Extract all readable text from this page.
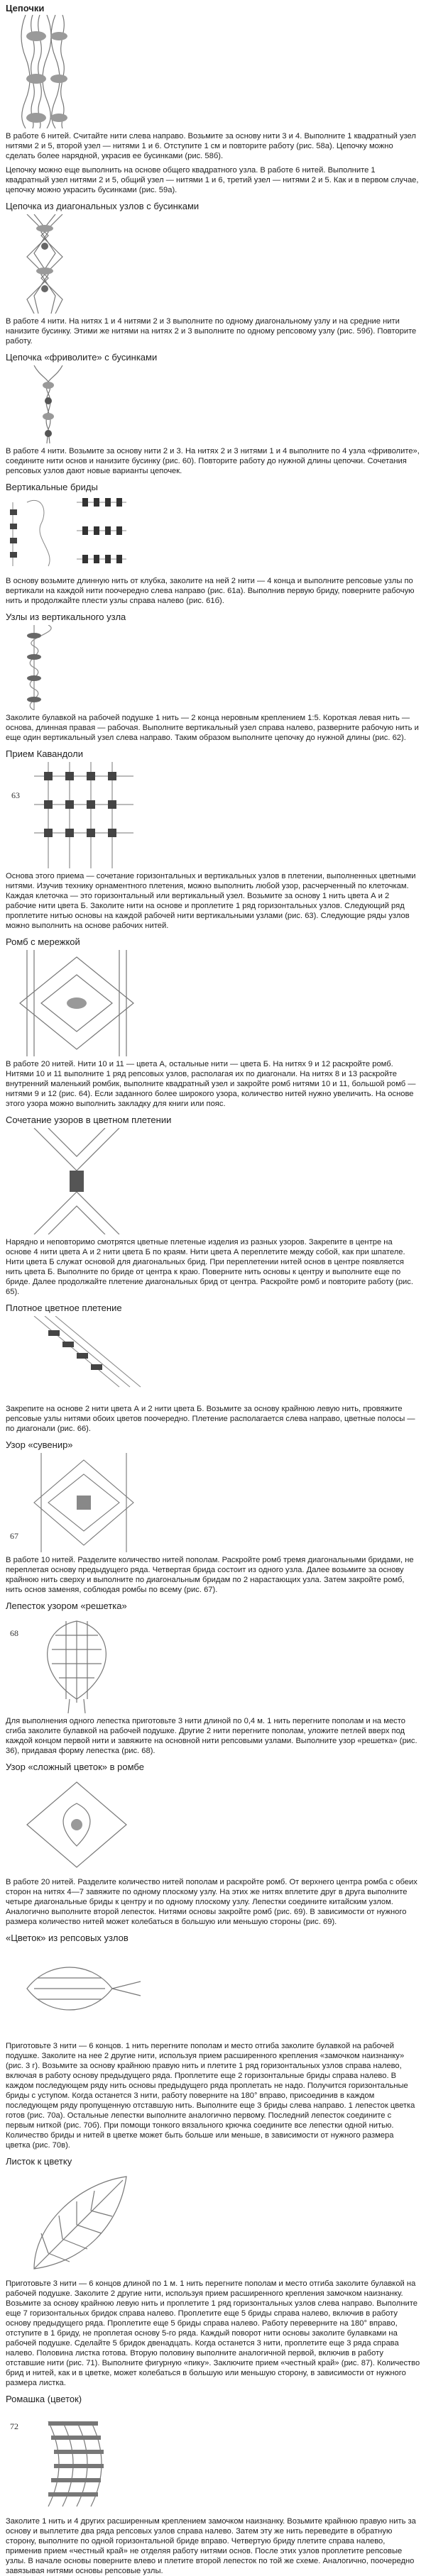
Цепочки

В работе 6 нитей. Считайте нити слева направо. Возьмите за основу нити 3 и 4. Выполните 1 квадратный узел нитями 2 и 5, второй узел — нитями 1 и 6. Отступите 1 см и повторите работу (рис. 58а). Цепочку можно сделать более нарядной, украсив ее бусинками (рис. 58б).

Цепочку можно еще выполнить на основе общего квадратного узла. В работе 6 нитей. Выполните 1 квадратный узел нитями 2 и 5, общий узел — нитями 1 и 6, третий узел — нитями 2 и 5. Как и в первом случае, цепочку можно украсить бусинками (рис. 59а).

Цепочка из диагональных узлов с бусинками

В работе 4 нити. На нитях 1 и 4 нитями 2 и 3 выполните по одному диагональному узлу и на средние нити нанизите бусинку. Этими же нитями на нитях 2 и 3 выполните по одному репсовому узлу (рис. 59б). Повторите работу.

Цепочка «фриволите» с бусинками

В работе 4 нити. Возьмите за основу нити 2 и 3. На нитях 2 и 3 нитями 1 и 4 выполните по 4 узла «фриволите», соедините нити основ и нанизите бусинку (рис. 60). Повторите работу до нужной длины цепочки. Сочетания репсовых узлов дают новые варианты цепочек.

Вертикальные бриды

В основу возьмите длинную нить от клубка, заколите на ней 2 нити — 4 конца и выполните репсовые узлы по вертикали на каждой нити поочередно слева направо (рис. 61а). Выполнив первую бриду, поверните рабочую нить и продолжайте плести узлы справа налево (рис. 61б).

Узлы из вертикального узла

Заколите булавкой на рабочей подушке 1 нить — 2 конца неровным креплением 1:5. Короткая левая нить — основа, длинная правая — рабочая. Выполните вертикальный узел справа налево, разверните рабочую нить и еще один вертикальный узел слева направо. Таким образом выполните цепочку до нужной длины (рис. 62).

Прием Кавандоли
63

Основа этого приема — сочетание горизонтальных и вертикальных узлов в плетении, выполненных цветными нитями. Изучив технику орнаментного плетения, можно выполнить любой узор, расчерченный по клеточкам. Каждая клеточка — это горизонтальный или вертикальный узел. Возьмите за основу 1 нить цвета А и 2 рабочие нити цвета Б. Заколите нити на основе и проплетите 1 ряд горизонтальных узлов. Следующий ряд проплетите нитью основы на каждой рабочей нити вертикальными узлами (рис. 63). Следующие ряды узлов можно выполнить на основе рабочих нитей.

Ромб с мережкой

В работе 20 нитей. Нити 10 и 11 — цвета А, остальные нити — цвета Б. На нитях 9 и 12 раскройте ромб. Нитями 10 и 11 выполните 1 ряд репсовых узлов, располагая их по диагонали. На нитях 8 и 13 раскройте внутренний маленький ромбик, выполните квадратный узел и закройте ромб нитями 10 и 11, большой ромб — нитями 9 и 12 (рис. 64). Если заданного более широкого узора, количество нитей нужно увеличить. На основе этого узора можно выполнить закладку для книги или пояс.

Сочетание узоров в цветном плетении

Нарядно и неповторимо смотрятся цветные плетеные изделия из разных узоров. Закрепите в центре на основе 4 нити цвета А и 2 нити цвета Б по краям. Нити цвета А переплетите между собой, как при шпателе. Нити цвета Б служат основой для диагональных брид. При переплетении нитей основ в центре появляется нить цвета Б. Выполните по бриде от центра к краю. Поверните нить основы к центру и выполните еще по бриде. Далее продолжайте плетение диагональных брид от центра. Раскройте ромб и повторите работу (рис. 65).

Плотное цветное плетение

Закрепите на основе 2 нити цвета А и 2 нити цвета Б. Возьмите за основу крайнюю левую нить, провяжите репсовые узлы нитями обоих цветов поочередно. Плетение располагается слева направо, цветные полосы — по диагонали (рис. 66).

Узор «сувенир»
67

В работе 10 нитей. Разделите количество нитей пополам. Раскройте ромб тремя диагональными бридами, не переплетая основу предыдущего ряда. Четвертая брида состоит из одного узла. Далее возьмите за основу крайнюю нить сверху и выполните по диагональным бридам по 2 нарастающих узла. Затем закройте ромб, нить основ заменяя, соблюдая ромбы по всему (рис. 67).

Лепесток узором «решетка»
68

Для выполнения одного лепестка приготовьте 3 нити длиной по 0,4 м. 1 нить перегните пополам и на место сгиба заколите булавкой на рабочей подушке. Другие 2 нити перегните пополам, уложите петлей вверх под каждой концом первой нити и завяжите на основной нити репсовыми узлами. Выполните узор «решетка» (рис. 36), придавая форму лепестка (рис. 68).

Узор «сложный цветок» в ромбе

В работе 20 нитей. Разделите количество нитей пополам и раскройте ромб. От верхнего центра ромба с обеих сторон на нитях 4—7 завяжите по одному плоскому узлу. На этих же нитях вплетите друг в друга выполните четыре диагональные бриды к центру и по одному плоскому узлу. Лепестки соедините китайским узлом. Аналогично выполните второй лепесток. Нитями основы закройте ромб (рис. 69). В зависимости от нужного размера количество нитей может колебаться в большую или меньшую стороны (рис. 69).

«Цветок» из репсовых узлов

Приготовьте 3 нити — 6 концов. 1 нить перегните пополам и место отгиба заколите булавкой на рабочей подушке. Заколите на нее 2 другие нити, используя прием расширенного крепления «замочком наизнанку» (рис. 3 г). Возьмите за основу крайнюю правую нить и плетите 1 ряд горизонтальных узлов справа налево, включая в работу основу предыдущего ряда. Проплетите еще 2 горизонтальные бриды справа налево. В каждом последующем ряду нить основы предыдущего ряда проплетать не надо. Получится горизонтальные бриды с уступом. Когда останется 3 нити, работу поверните на 180° вправо, присоединив в каждом последующем ряду пропущенную отставшую нить. Выполните еще 3 бриды слева направо. 1 лепесток цветка готов (рис. 70а). Остальные лепестки выполните аналогично первому. Последний лепесток соедините с первым ниткой (рис. 70б). При помощи тонкого вязального крючка соедините все лепестки одной нитью. Количество бриды и нитей в цветке может быть больше или меньше, в зависимости от нужного размера цветка (рис. 70в).

Листок к цветку

Приготовьте 3 нити — 6 концов длиной по 1 м. 1 нить перегните пополам и место отгиба заколите булавкой на рабочей подушке. Заколите 2 другие нити, используя прием расширенного крепления замочком наизнанку. Возьмите за основу крайнюю левую нить и проплетите 1 ряд горизонтальных узлов слева направо. Выполните еще 7 горизонтальных бридок справа налево. Проплетите еще 5 бриды справа налево, включив в работу основу предыдущего ряда. Проплетите еще 5 бриды справа налево. Работу переверните на 180° вправо, отступите в 1 бриду, не проплетая основу 5-го ряда. Каждый поворот нити основы заколите булавками на рабочей подушке. Сделайте 5 бридок двенадцать. Когда останется 3 нити, проплетите еще 3 ряда справа налево. Половина листка готова. Вторую половину выполните аналогичной первой, включив в работу отставшие нити (рис. 71). Выполните фигурную «пику». Заключите прием «честный край» (рис. 87). Количество брид и нитей, как и в цветке, может колебаться в большую или меньшую сторону, в зависимости от нужного размера листка.

Ромашка (цветок)
72

Заколите 1 нить и 4 других расширенным креплением замочком наизнанку. Возьмите крайнюю правую нить за основу и выплетите два ряда репсовых узлов справа налево. Затем эту же нить переведите в обратную сторону, выполните по одной горизонтальной бриде вправо. Четвертую бриду плетите справа налево, применив прием «честный край» не отделяя работу нитями основ. После этих узлов проплетите репсовые узлы. В начале основы поверните влево и плетите второй лепесток по той же схеме. Аналогично, поочередно завязывая нитями основы репсовые узлы.
